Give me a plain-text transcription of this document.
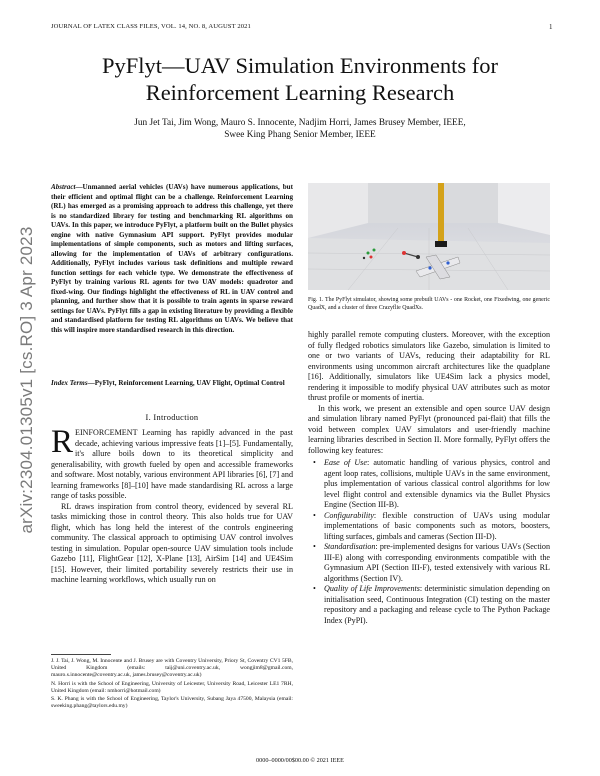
JOURNAL OF LATEX CLASS FILES, VOL. 14, NO. 8, AUGUST 2021	1
PyFlyt—UAV Simulation Environments for Reinforcement Learning Research
Jun Jet Tai, Jim Wong, Mauro S. Innocente, Nadjim Horri, James Brusey Member, IEEE,
Swee King Phang Senior Member, IEEE
arXiv:2304.01305v1 [cs.RO] 3 Apr 2023
Abstract—Unmanned aerial vehicles (UAVs) have numerous applications, but their efficient and optimal flight can be a challenge. Reinforcement Learning (RL) has emerged as a promising approach to address this challenge, yet there is no standardized library for testing and benchmarking RL algorithms on UAVs. In this paper, we introduce PyFlyt, a platform built on the Bullet physics engine with native Gymnasium API support. PyFlyt provides modular implementations of simple components, such as motors and lifting surfaces, allowing for the implementation of UAVs of arbitrary configurations. Additionally, PyFlyt includes various task definitions and multiple reward function settings for each vehicle type. We demonstrate the effectiveness of PyFlyt by training various RL agents for two UAV models: quadrotor and fixed-wing. Our findings highlight the effectiveness of RL in UAV control and planning, and further show that it is possible to train agents in sparse reward settings for UAVs. PyFlyt fills a gap in existing literature by providing a flexible and standardised platform for testing RL algorithms on UAVs. We believe that this will inspire more standardised research in this direction.
Index Terms—PyFlyt, Reinforcement Learning, UAV Flight, Optimal Control
I. Introduction
REINFORCEMENT Learning has rapidly advanced in the past decade, achieving various impressive feats [1]–[5]. Fundamentally, it's allure boils down to its theoretical simplicity and generalisability, with growth fueled by open and accessible frameworks and software. Most notably, various environment API libraries [6], [7] and learning frameworks [8]–[10] have made standardising RL across a large range of tasks possible.
RL draws inspiration from control theory, evidenced by several RL tasks mimicking those in control theory. This also holds true for UAV flight, which has long held the interest of the controls engineering community. The classical approach to optimising UAV control involves testing in simulation. Popular open-source UAV simulation tools include Gazebo [11], FlightGear [12], X-Plane [13], AirSim [14] and UE4Sim [15]. However, their limited portability severely restricts their use in machine learning workflows, which usually run on

J. J. Tai, J. Wong, M. Innocente and J. Brusey are with Coventry University, Priory St, Coventry CV1 5FB, United Kingdom (emails: taij@uni.coventry.ac.uk, wongjim8@gmail.com, mauro.s.innocente@coventry.ac.uk, james.brusey@coventry.ac.uk)

N. Horri is with the School of Engineering, University of Leicester, University Road, Leicester LE1 7RH, United Kingdom (email: nmhorri@hotmail.com)

S. K. Phang is with the School of Engineering, Taylor's University, Subang Jaya 47500, Malaysia (email: sweeking.phang@taylors.edu.my)

Fig. 1. The PyFlyt simulator, showing some prebuilt UAVs - one Rocket, one Fixedwing, one generic QuadX, and a cluster of three Crazyflie QuadXs.

highly parallel remote computing clusters. Moreover, with the exception of fully fledged robotics simulators like Gazebo, simulation is limited to one or two variants of UAVs, reducing their adaptability for RL environments using uncommon aircraft architectures like the quadplane [16]. Additionally, simulators like UE4Sim lack a physics model, rendering it impossible to modify physical UAV attributes such as motor thrust profile or moments of inertia.

In this work, we present an extensible and open source UAV design and simulation library named PyFlyt (pronounced pai-flait) that fills the void between complex UAV simulators and user-friendly machine learning libraries described in Section II. More formally, PyFlyt offers the following key features:

• Ease of Use: automatic handling of various physics, control and agent loop rates, collisions, multiple UAVs in the same environment, plus implementation of various classical control algorithms for low level flight control and extensible dynamics via the Bullet Physics Engine (Section III-B).
• Configurability: flexible construction of UAVs using modular implementations of basic components such as motors, boosters, lifting surfaces, gimbals and cameras (Section III-D).
• Standardisation: pre-implemented designs for various UAVs (Section III-E) along with corresponding environments compatible with the Gymnasium API (Section III-F), tested extensively with various RL algorithms (Section IV).
• Quality of Life Improvements: deterministic simulation depending on initialisation seed, Continuous Integration (CI) testing on the master repository and a packaging and release cycle to The Python Package Index (PyPI).
0000–0000/00$00.00 © 2021 IEEE
